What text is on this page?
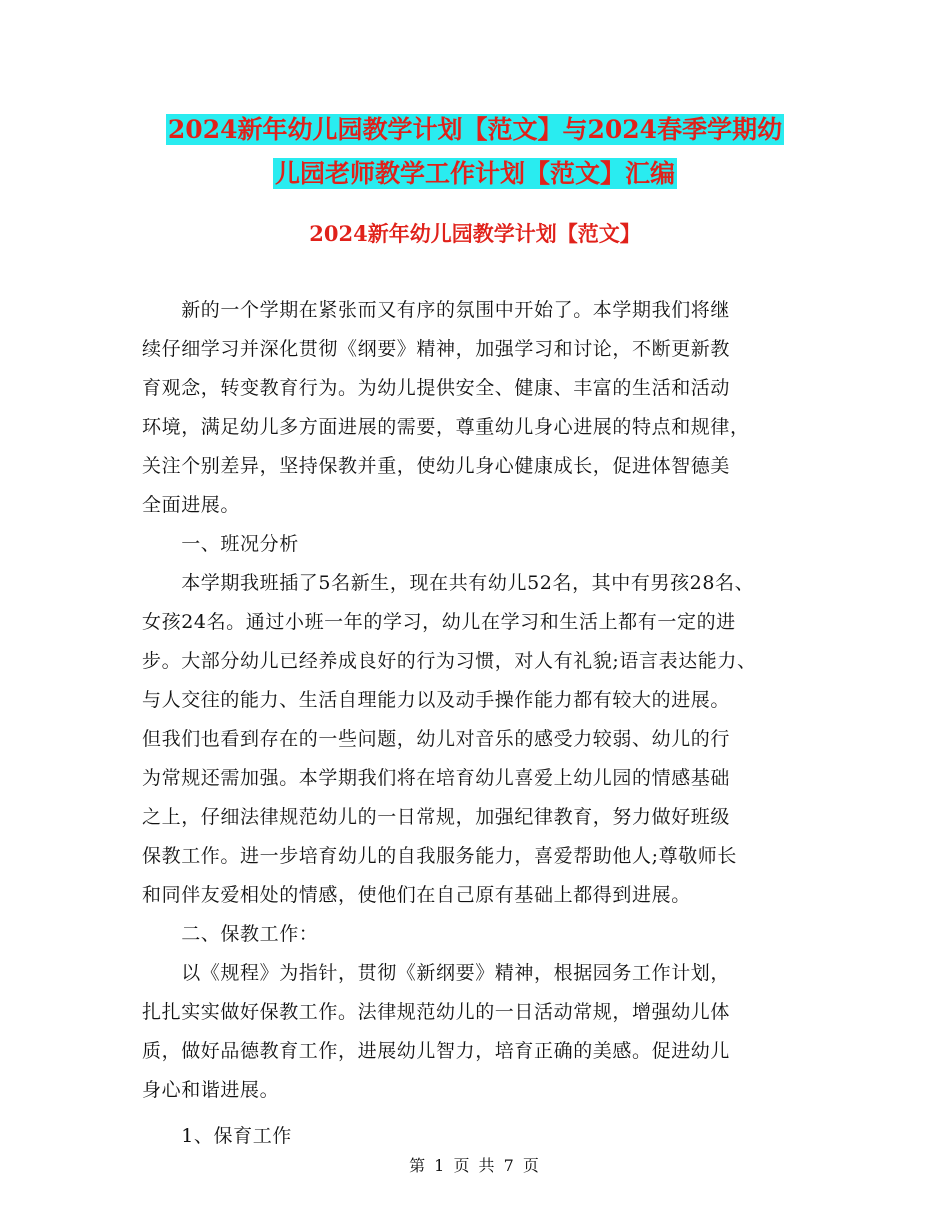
2024新年幼儿园教学计划【范文】与2024春季学期幼
儿园老师教学工作计划【范文】汇编
2024新年幼儿园教学计划【范文】
　　新的一个学期在紧张而又有序的氛围中开始了。本学期我们将继
续仔细学习并深化贯彻《纲要》精神，加强学习和讨论，不断更新教
育观念，转变教育行为。为幼儿提供安全、健康、丰富的生活和活动
环境，满足幼儿多方面进展的需要，尊重幼儿身心进展的特点和规律，
关注个别差异，坚持保教并重，使幼儿身心健康成长，促进体智德美
全面进展。
　　一、班况分析
　　本学期我班插了5名新生，现在共有幼儿52名，其中有男孩28名、
女孩24名。通过小班一年的学习，幼儿在学习和生活上都有一定的进
步。大部分幼儿已经养成良好的行为习惯，对人有礼貌;语言表达能力、
与人交往的能力、生活自理能力以及动手操作能力都有较大的进展。
但我们也看到存在的一些问题，幼儿对音乐的感受力较弱、幼儿的行
为常规还需加强。本学期我们将在培育幼儿喜爱上幼儿园的情感基础
之上，仔细法律规范幼儿的一日常规，加强纪律教育，努力做好班级
保教工作。进一步培育幼儿的自我服务能力，喜爱帮助他人;尊敬师长
和同伴友爱相处的情感，使他们在自己原有基础上都得到进展。
　　二、保教工作：
　　以《规程》为指针，贯彻《新纲要》精神，根据园务工作计划，
扎扎实实做好保教工作。法律规范幼儿的一日活动常规，增强幼儿体
质，做好品德教育工作，进展幼儿智力，培育正确的美感。促进幼儿
身心和谐进展。
　　1、保育工作
第 1 页 共 7 页
